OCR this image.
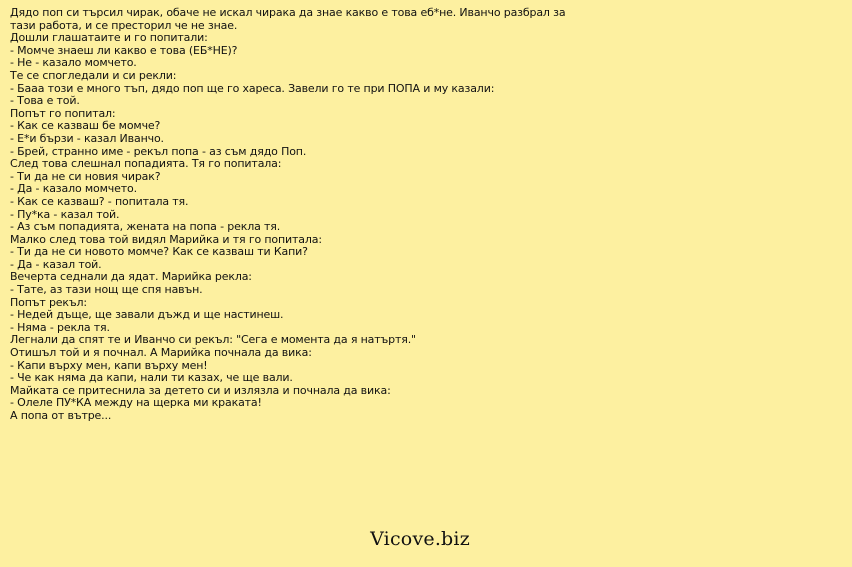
Дядо поп си търсил чирак, обаче не искал чирака да знае какво е това еб*не. Иванчо разбрал за тази работа, и се престорил че не знае.
Дошли глашатаите и го попитали:
- Момче знаеш ли какво е това (ЕБ*НЕ)?
- Не - казало момчето.
Те се спогледали и си рекли:
- Бааа този е много тъп, дядо поп ще го хареса. Завели го те при ПОПА и му казали:
- Това е той.
Попът го попитал:
- Как се казваш бе момче?
- Е*и бързи - казал Иванчо.
- Брей, странно име - рекъл попа - аз съм дядо Поп.
След това слешнал попадията. Тя го попитала:
- Ти да не си новия чирак?
- Да - казало момчето.
- Как се казваш? - попитала тя.
- Пу*ка - казал той.
- Аз съм попадията, жената на попа - рекла тя.
Малко след това той видял Марийка и тя го попитала:
- Ти да не си новото момче? Как се казваш ти Капи?
- Да - казал той.
Вечерта седнали да ядат. Марийка рекла:
- Тате, аз тази нощ ще спя навън.
Попът рекъл:
- Недей дъще, ще завали дъжд и ще настинеш.
- Няма - рекла тя.
Легнали да спят те и Иванчо си рекъл: "Сега е момента да я натъртя."
Отишъл той и я почнал. А Марийка почнала да вика:
- Капи върху мен, капи върху мен!
- Че как няма да капи, нали ти казах, че ще вали.
Майката се притеснила за детето си и излязла и почнала да вика:
- Олеле ПУ*КА между на щерка ми краката!
А попа от вътре...
Vicove.biz
